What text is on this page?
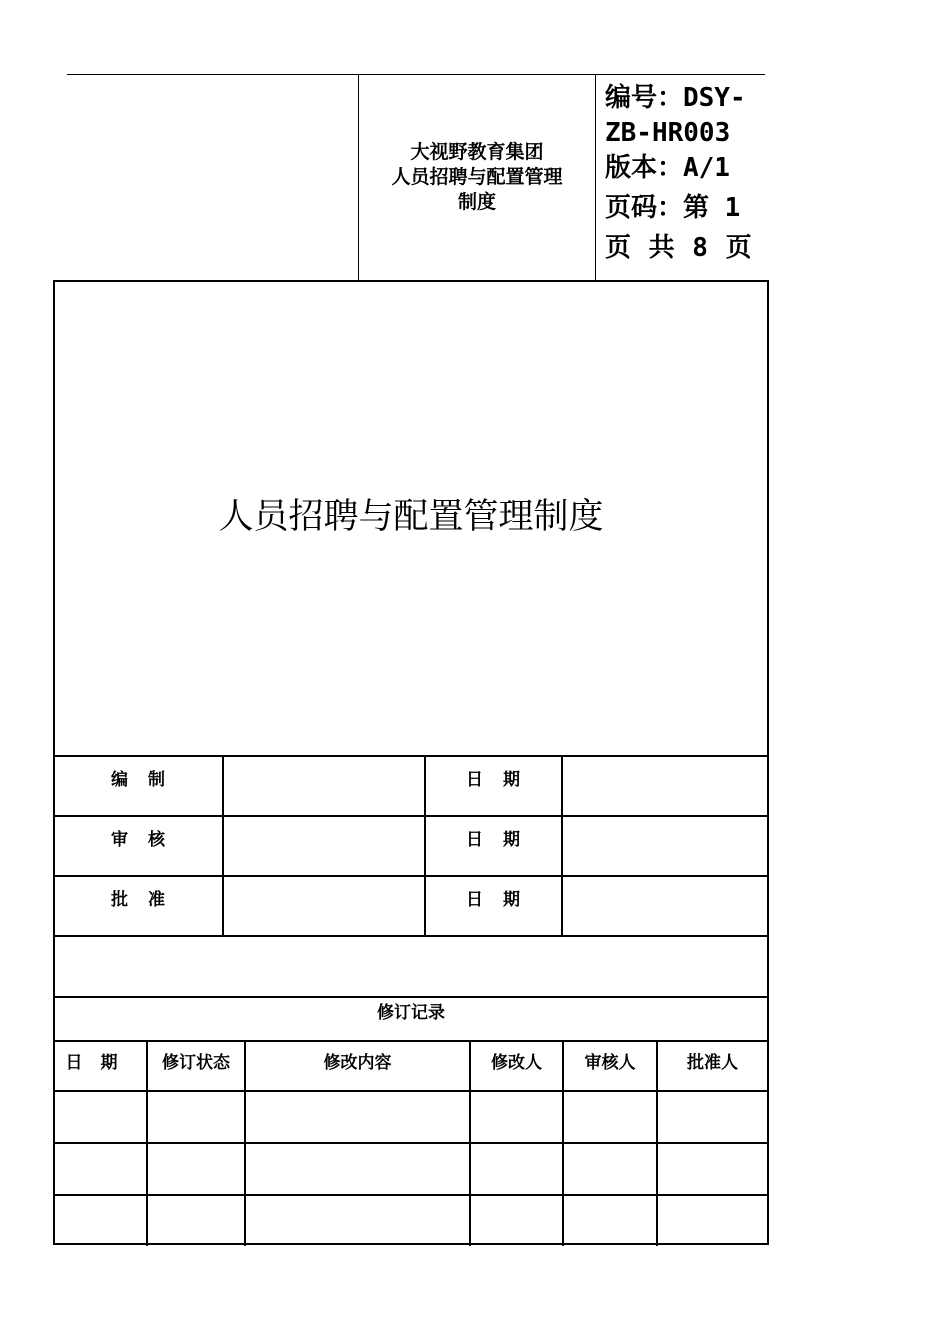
大视野教育集团
人员招聘与配置管理
制度
编号：DSY-
ZB-HR003
版本：A/1
页码：第 1
页 共 8 页
人员招聘与配置管理制度
编制		日期	
审核		日期	
批准		日期	
修订记录
日期	修订状态	修改内容	修改人	审核人	批准人
